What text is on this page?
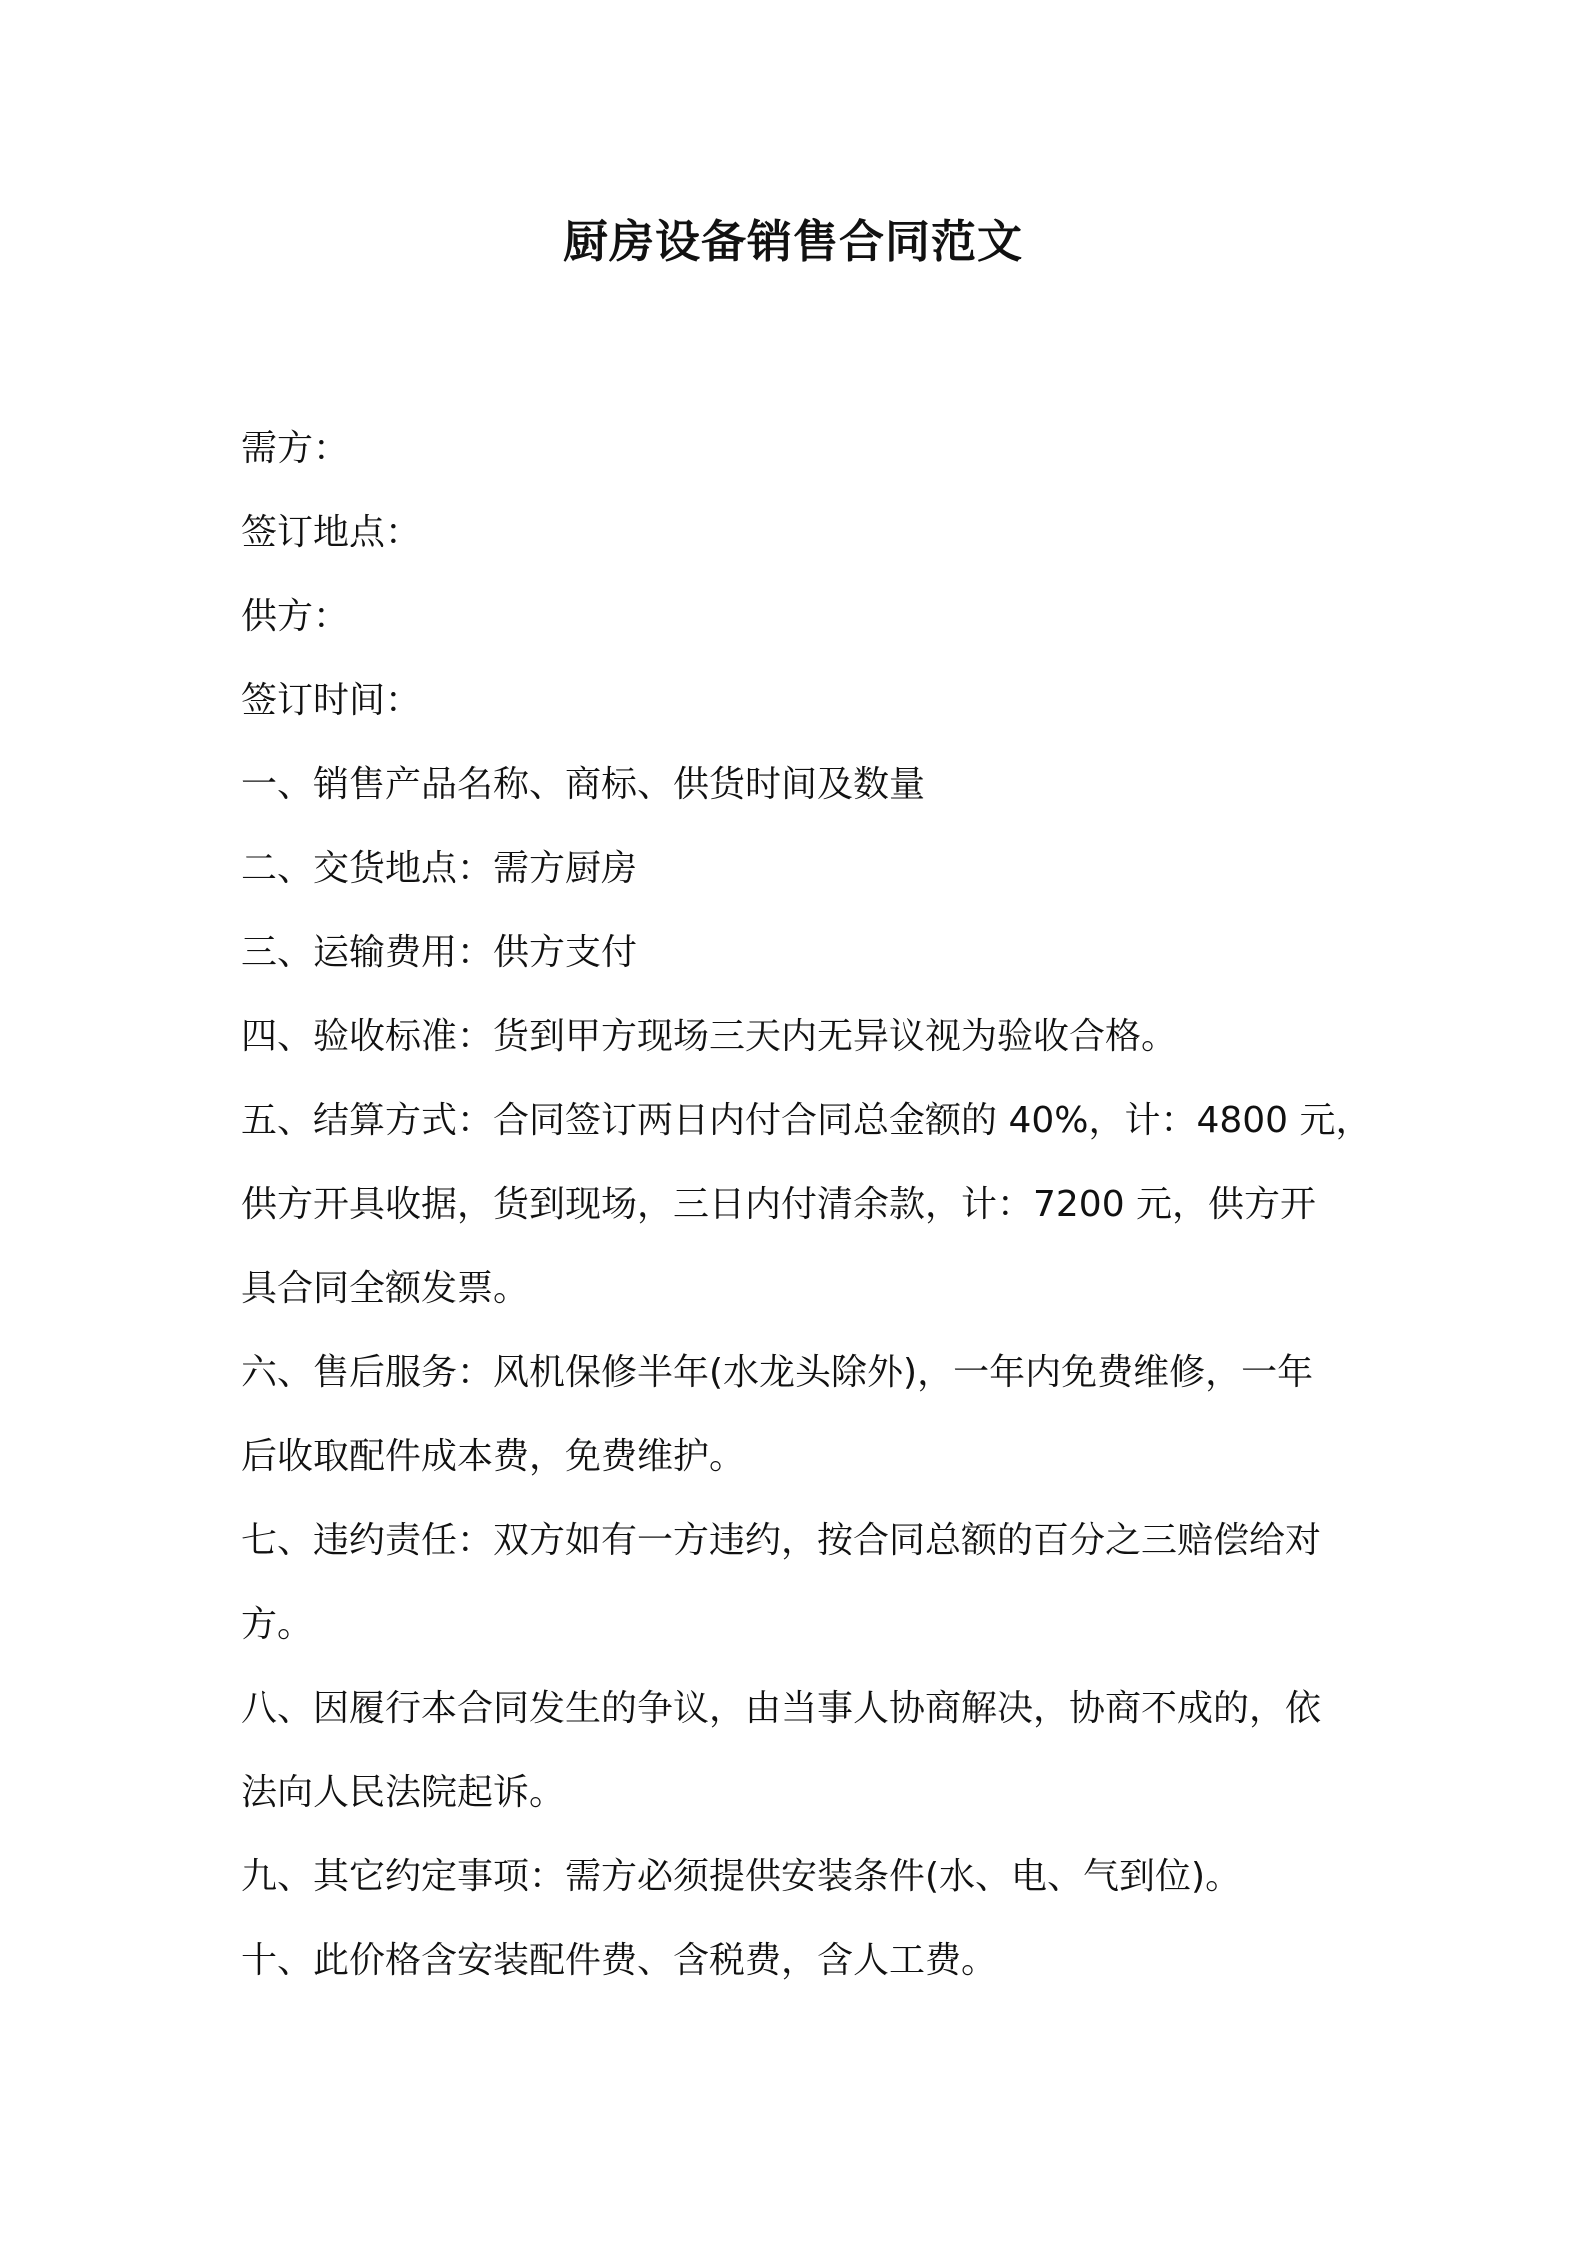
厨房设备销售合同范文
需方：
签订地点：
供方：
签订时间：
一、销售产品名称、商标、供货时间及数量
二、交货地点：需方厨房
三、运输费用：供方支付
四、验收标准：货到甲方现场三天内无异议视为验收合格。
五、结算方式：合同签订两日内付合同总金额的 40%，计：4800 元，
供方开具收据，货到现场，三日内付清余款，计：7200 元，供方开
具合同全额发票。
六、售后服务：风机保修半年(水龙头除外)，一年内免费维修，一年
后收取配件成本费，免费维护。
七、违约责任：双方如有一方违约，按合同总额的百分之三赔偿给对
方。
八、因履行本合同发生的争议，由当事人协商解决，协商不成的，依
法向人民法院起诉。
九、其它约定事项：需方必须提供安装条件(水、电、气到位)。
十、此价格含安装配件费、含税费，含人工费。
